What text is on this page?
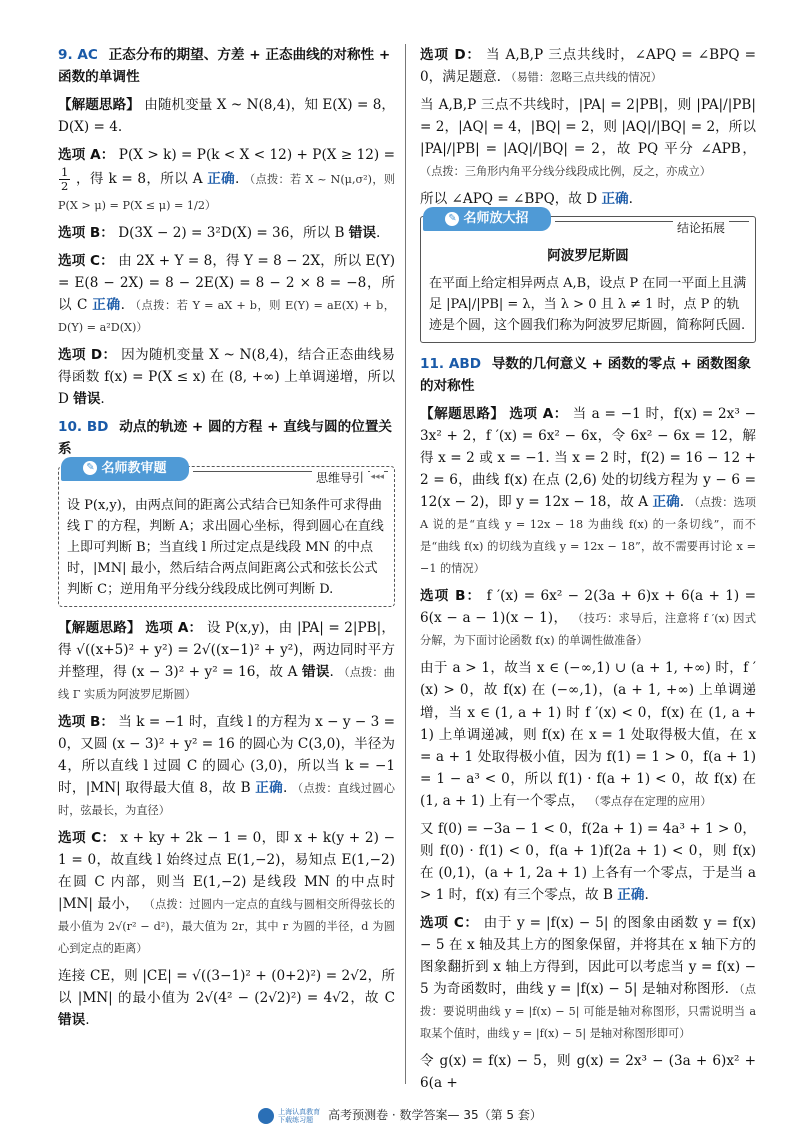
9. AC 正态分布的期望、方差 + 正态曲线的对称性 + 函数的单调性

【解题思路】 由随机变量 X ~ N(8,4)，知 E(X) = 8，D(X) = 4.

选项 A： P(X > k) = P(k < X < 12) + P(X ≥ 12) =
$\frac{1}{2}$ ，得 k = 8，所以 A 正确. （点拨：若 X ~ N(μ,σ²)，则 P(X > μ) = P(X ≤ μ) = 1/2）

选项 B： D(3X − 2) = 3²D(X) = 36，所以 B 错误.

选项 C： 由 2X + Y = 8，得 Y = 8 − 2X，所以 E(Y) = E(8 − 2X) = 8 − 2E(X) = 8 − 2 × 8 = −8，所以 C 正确. （点拨：若 Y = aX + b，则 E(Y) = aE(X) + b，D(Y) = a²D(X)）

选项 D： 因为随机变量 X ~ N(8,4)，结合正态曲线易得函数 f(x) = P(X ≤ x) 在 (8, +∞) 上单调递增，所以 D 错误.

10. BD 动点的轨迹 + 圆的方程 + 直线与圆的位置关系
✎ 名师教审题
思维导引 ◂◂◂
设 P(x,y)，由两点间的距离公式结合已知条件可求得曲线 Γ 的方程，判断 A；求出圆心坐标，得到圆心在直线上即可判断 B；当直线 l 所过定点是线段 MN 的中点时，|MN| 最小，然后结合两点间距离公式和弦长公式判断 C；逆用角平分线分线段成比例可判断 D.

【解题思路】 选项 A： 设 P(x,y)，由 |PA| = 2|PB|，得 √((x+5)² + y²) = 2√((x−1)² + y²)，两边同时平方并整理，得 (x − 3)² + y² = 16，故 A 错误. （点拨：曲线 Γ 实质为阿波罗尼斯圆）

选项 B： 当 k = −1 时，直线 l 的方程为 x − y − 3 = 0，又圆 (x − 3)² + y² = 16 的圆心为 C(3,0)，半径为 4，所以直线 l 过圆 C 的圆心 (3,0)，所以当 k = −1 时，|MN| 取得最大值 8，故 B 正确. （点拨：直线过圆心时，弦最长，为直径）

选项 C： x + ky + 2k − 1 = 0，即 x + k(y + 2) − 1 = 0，故直线 l 始终过点 E(1,−2)，易知点 E(1,−2) 在圆 C 内部，则当 E(1,−2) 是线段 MN 的中点时 |MN| 最小， （点拨：过圆内一定点的直线与圆相交所得弦长的最小值为 2√(r² − d²)，最大值为 2r，其中 r 为圆的半径，d 为圆心到定点的距离）

连接 CE，则 |CE| = √((3−1)² + (0+2)²) = 2√2，所以 |MN| 的最小值为 2√(4² − (2√2)²) = 4√2，故 C 错误.

选项 D： 当 A,B,P 三点共线时，∠APQ = ∠BPQ = 0，满足题意. （易错：忽略三点共线的情况）

当 A,B,P 三点不共线时，|PA| = 2|PB|，则 |PA|/|PB| = 2，|AQ| = 4，|BQ| = 2，则 |AQ|/|BQ| = 2，所以 |PA|/|PB| = |AQ|/|BQ| = 2，故 PQ 平分 ∠APB， （点拨：三角形内角平分线分线段成比例，反之，亦成立）

所以 ∠APQ = ∠BPQ，故 D 正确.

✎ 名师放大招
结论拓展
阿波罗尼斯圆
在平面上给定相异两点 A,B，设点 P 在同一平面上且满足 |PA|/|PB| = λ，当 λ > 0 且 λ ≠ 1 时，点 P 的轨迹是个圆，这个圆我们称为阿波罗尼斯圆，简称阿氏圆.
11. ABD 导数的几何意义 + 函数的零点 + 函数图象的对称性

【解题思路】 选项 A： 当 a = −1 时，f(x) = 2x³ − 3x² + 2，f ′(x) = 6x² − 6x，令 6x² − 6x = 12，解得 x = 2 或 x = −1. 当 x = 2 时，f(2) = 16 − 12 + 2 = 6，曲线 f(x) 在点 (2,6) 处的切线方程为 y − 6 = 12(x − 2)，即 y = 12x − 18，故 A 正确. （点拨：选项 A 说的是“直线 y = 12x − 18 为曲线 f(x) 的一条切线”，而不是“曲线 f(x) 的切线为直线 y = 12x − 18”，故不需要再讨论 x = −1 的情况）

选项 B： f ′(x) = 6x² − 2(3a + 6)x + 6(a + 1) = 6(x − a − 1)(x − 1)， （技巧：求导后，注意将 f ′(x) 因式分解，为下面讨论函数 f(x) 的单调性做准备）

由于 a > 1，故当 x ∈ (−∞,1) ∪ (a + 1, +∞) 时，f ′(x) > 0，故 f(x) 在 (−∞,1)，(a + 1, +∞) 上单调递增，当 x ∈ (1, a + 1) 时 f ′(x) < 0，f(x) 在 (1, a + 1) 上单调递减，则 f(x) 在 x = 1 处取得极大值，在 x = a + 1 处取得极小值，因为 f(1) = 1 > 0，f(a + 1) = 1 − a³ < 0，所以 f(1) · f(a + 1) < 0，故 f(x) 在 (1, a + 1) 上有一个零点， （零点存在定理的应用）

又 f(0) = −3a − 1 < 0，f(2a + 1) = 4a³ + 1 > 0，则 f(0) · f(1) < 0，f(a + 1)f(2a + 1) < 0，则 f(x) 在 (0,1)，(a + 1, 2a + 1) 上各有一个零点，于是当 a > 1 时，f(x) 有三个零点，故 B 正确.

选项 C： 由于 y = |f(x) − 5| 的图象由函数 y = f(x) − 5 在 x 轴及其上方的图象保留，并将其在 x 轴下方的图象翻折到 x 轴上方得到，因此可以考虑当 y = f(x) − 5 为奇函数时，曲线 y = |f(x) − 5| 是轴对称图形. （点拨：要说明曲线 y = |f(x) − 5| 可能是轴对称图形，只需说明当 a 取某个值时，曲线 y = |f(x) − 5| 是轴对称图形即可）

令 g(x) = f(x) − 5，则 g(x) = 2x³ − (3a + 6)x² + 6(a +

上海认真教育
下载练习题 高考预测卷 · 数学答案— 35（第 5 套）
